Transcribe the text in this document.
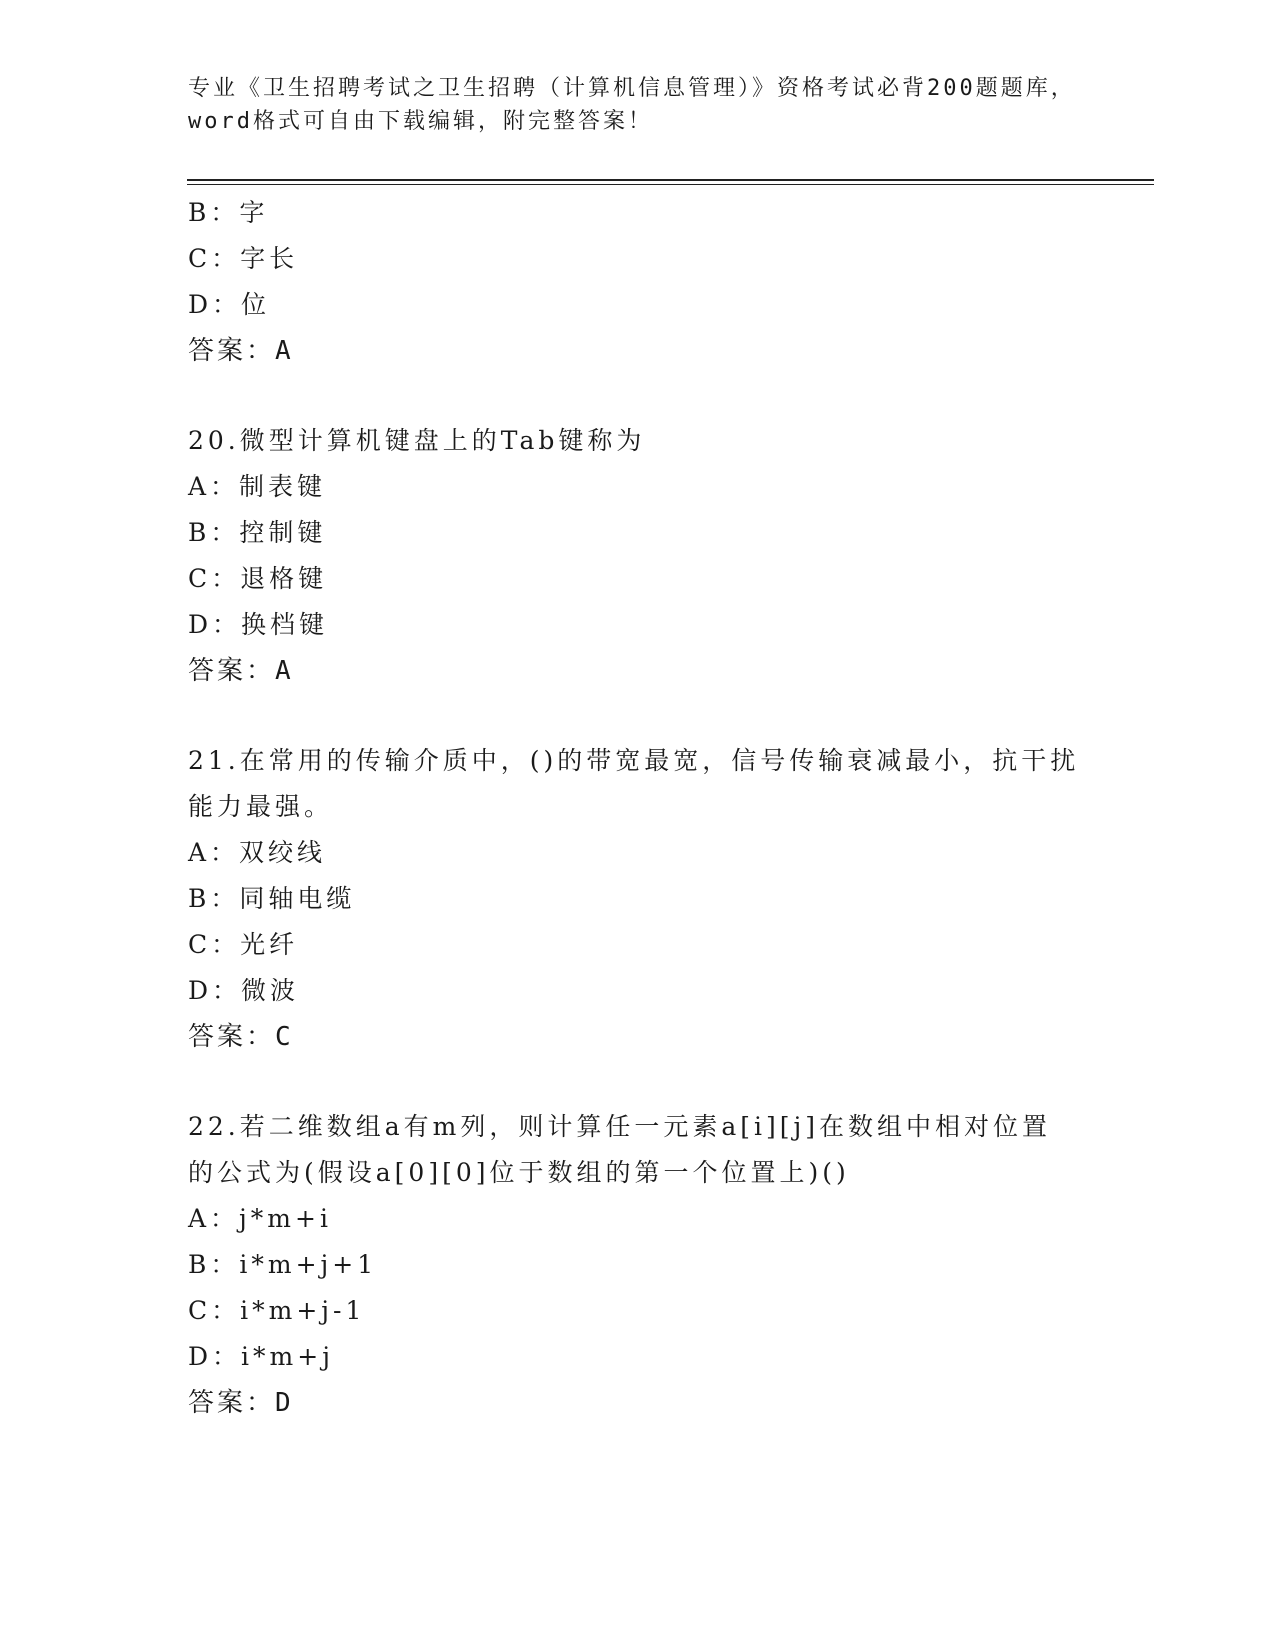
专业《卫生招聘考试之卫生招聘（计算机信息管理）》资格考试必背200题题库，
word格式可自由下载编辑，附完整答案！
B：字
C：字长
D：位
答案：A
20.微型计算机键盘上的Tab键称为
A：制表键
B：控制键
C：退格键
D：换档键
答案：A
21.在常用的传输介质中，()的带宽最宽，信号传输衰减最小，抗干扰
能力最强。
A：双绞线
B：同轴电缆
C：光纤
D：微波
答案：C
22.若二维数组a有m列，则计算任一元素a[i][j]在数组中相对位置
的公式为(假设a[0][0]位于数组的第一个位置上)()
A：j*m+i
B：i*m+j+1
C：i*m+j-1
D：i*m+j
答案：D
